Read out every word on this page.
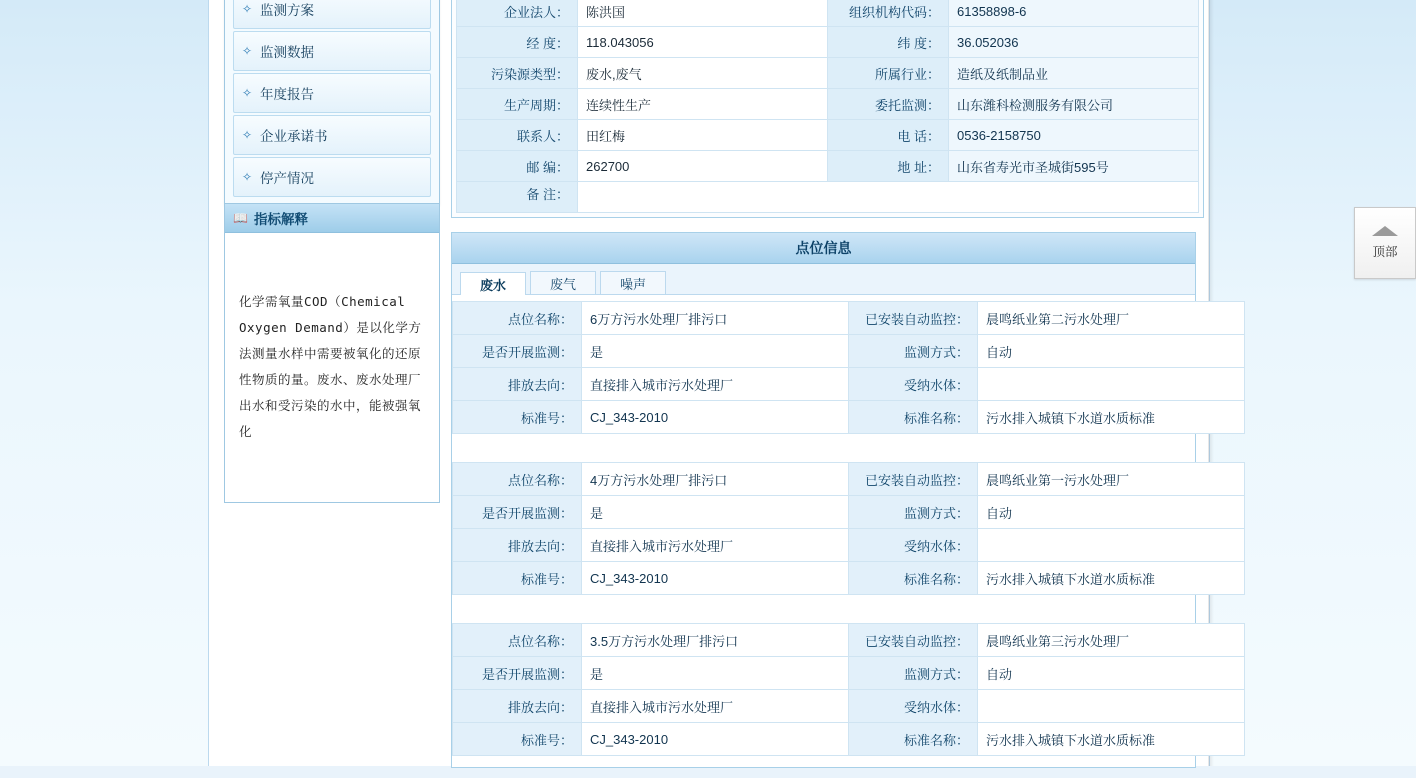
✧ 监测方案
✧ 监测数据
✧ 年度报告
✧ 企业承诺书
✧ 停产情况
📖 指标解释
化学需氧量COD（Chemical Oxygen Demand）是以化学方法测量水样中需要被氧化的还原性物质的量。废水、废水处理厂出水和受污染的水中，能被强氧化
企业法人：	陈洪国	组织机构代码：	61358898-6
经 度：	118.043056	纬 度：	36.052036
污染源类型：	废水,废气	所属行业：	造纸及纸制品业
生产周期：	连续性生产	委托监测：	山东潍科检测服务有限公司
联系人：	田红梅	电 话：	0536-2158750
邮 编：	262700	地 址：	山东省寿光市圣城街595号
备 注：			
点位信息
废水	废气	噪声
点位名称：	6万方污水处理厂排污口	已安装自动监控：	晨鸣纸业第二污水处理厂
是否开展监测：	是	监测方式：	自动
排放去向：	直接排入城市污水处理厂	受纳水体：	
标准号：	CJ_343-2010	标准名称：	污水排入城镇下水道水质标准
点位名称：	4万方污水处理厂排污口	已安装自动监控：	晨鸣纸业第一污水处理厂
是否开展监测：	是	监测方式：	自动
排放去向：	直接排入城市污水处理厂	受纳水体：	
标准号：	CJ_343-2010	标准名称：	污水排入城镇下水道水质标准
点位名称：	3.5万方污水处理厂排污口	已安装自动监控：	晨鸣纸业第三污水处理厂
是否开展监测：	是	监测方式：	自动
排放去向：	直接排入城市污水处理厂	受纳水体：	
标准号：	CJ_343-2010	标准名称：	污水排入城镇下水道水质标准
顶部
